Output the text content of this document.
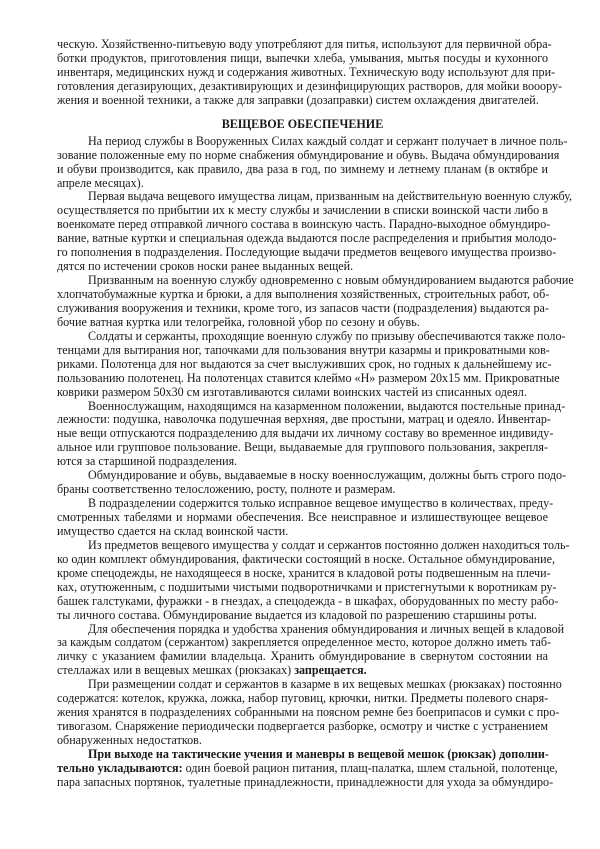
ческую. Хозяйственно-питьевую воду употребляют для питья, используют для первичной обра-
ботки продуктов, приготовления пищи, выпечки хлеба, умывания, мытья посуды и кухонного
инвентаря, медицинских нужд и содержания животных. Техническую воду используют для при-
готовления дегазирующих, дезактивирующих и дезинфицирующих растворов, для мойки вооору-
жения и военной техники, а также для заправки (дозаправки) систем охлаждения двигателей.
ВЕЩЕВОЕ ОБЕСПЕЧЕНИЕ
На период службы в Вооруженных Силах каждый солдат и сержант получает в личное поль-
зование положенные ему по норме снабжения обмундирование и обувь. Выдача обмундирования
и обуви производится, как правило, два раза в год, по зимнему и летнему планам (в октябре и
апреле месяцах).
Первая выдача вещевого имущества лицам, призванным на действительную военную службу,
осуществляется по прибытии их к месту службы и зачислении в списки воинской части либо в
военкомате перед отправкой личного состава в воинскую часть. Парадно-выходное обмундиро-
вание, ватные куртки и специальная одежда выдаются после распределения и прибытия молодо-
го пополнения в подразделения. Последующие выдачи предметов вещевого имущества произво-
дятся по истечении сроков носки ранее выданных вещей.
Призванным на военную службу одновременно с новым обмундированием выдаются рабочие
хлопчатобумажные куртка и брюки, а для выполнения хозяйственных, строительных работ, об-
служивания вооружения и техники, кроме того, из запасов части (подразделения) выдаются ра-
бочие ватная куртка или телогрейка, головной убор по сезону и обувь.
Солдаты и сержанты, проходящие военную службу по призыву обеспечиваются также поло-
тенцами для вытирания ног, тапочками для пользования внутри казармы и прикроватными ков-
риками. Полотенца для ног выдаются за счет выслуживших срок, но годных к дальнейшему ис-
пользованию полотенец. На полотенцах ставится клеймо «Н» размером 20x15 мм. Прикроватные
коврики размером 50x30 см изготавливаются силами воинских частей из списанных одеял.
Военнослужащим, находящимся на казарменном положении, выдаются постельные принад-
лежности: подушка, наволочка подушечная верхняя, две простыни, матрац и одеяло. Инвентар-
ные вещи отпускаются подразделению для выдачи их личному составу во временное индивиду-
альное или групповое пользование. Вещи, выдаваемые для группового пользования, закрепля-
ются за старшиной подразделения.
Обмундирование и обувь, выдаваемые в носку военнослужащим, должны быть строго подо-
браны соответственно телосложению, росту, полноте и размерам.
В подразделении содержится только исправное вещевое имущество в количествах, преду-
смотренных табелями и нормами обеспечения. Все неисправное и излишествующее вещевое
имущество сдается на склад воинской части.
Из предметов вещевого имущества у солдат и сержантов постоянно должен находиться толь-
ко один комплект обмундирования, фактически состоящий в носке. Остальное обмундирование,
кроме спецодежды, не находящееся в носке, хранится в кладовой роты подвешенным на плечи-
ках, отутюженным, с подшитыми чистыми подворотничками и пристегнутыми к воротникам ру-
башек галстуками, фуражки - в гнездах, а спецодежда - в шкафах, оборудованных по месту рабо-
ты личного состава. Обмундирование выдается из кладовой по разрешению старшины роты.
Для обеспечения порядка и удобства хранения обмундирования и личных вещей в кладовой
за каждым солдатом (сержантом) закрепляется определенное место, которое должно иметь таб-
личку с указанием фамилии владельца. Хранить обмундирование в свернутом состоянии на
стеллажах или в вещевых мешках (рюкзаках) запрещается.
При размещении солдат и сержантов в казарме в их вещевых мешках (рюкзаках) постоянно
содержатся: котелок, кружка, ложка, набор пуговиц, крючки, нитки. Предметы полевого снаря-
жения хранятся в подразделениях собранными на поясном ремне без боеприпасов и сумки с про-
тивогазом. Снаряжение периодически подвергается разборке, осмотру и чистке с устранением
обнаруженных недостатков.
При выходе на тактические учения и маневры в вещевой мешок (рюкзак) дополни-
тельно укладываются: один боевой рацион питания, плащ-палатка, шлем стальной, полотенце,
пара запасных портянок, туалетные принадлежности, принадлежности для ухода за обмундиро-
